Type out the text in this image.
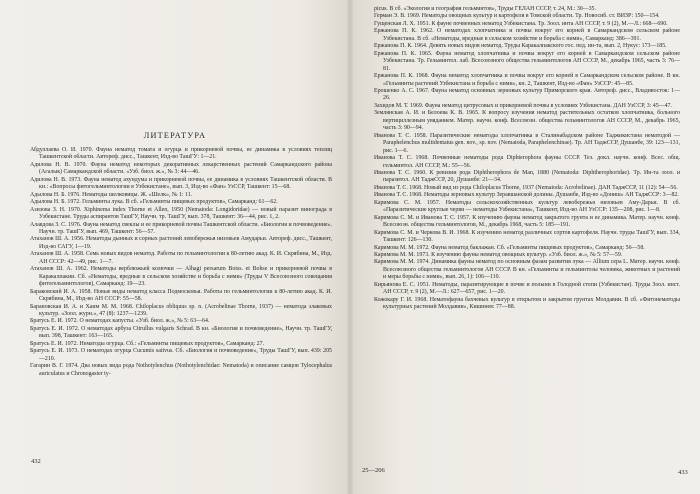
ЛИТЕРАТУРА

Абдуллаева О. И. 1970. Фауна нематод томата и огурца и прикорневой почвы, ее динамика в условиях теплиц Ташкентской области. Автореф. дисс., Ташкент, Изд-во ТашГУ: 1—21.

Адилова Н. В. 1970. Фауна нематод некоторых декоративных лекарственных растений Самаркандского района (Агалык) Самаркандской области. «Узб. биол. ж.», № 3: 44—46.

Адилова Н. В. 1973. Фауна нематод ахундума и прикорневой почвы, ее динамика в условиях Ташкентской области. В кн.: «Вопросы фитогельминтологии в Узбекистане», вып. 3, Изд-во «Фан» УзССР, Ташкент: 15—68.

Адылова Н. Б. 1976. Нематоды шелковицы. Ж. «Шелк», № 1: 11.

Адылова Н. Б. 1972. Гельминты лука. В сб. «Гельминты пищевых продуктов», Самарканд: 61—62.

Азизова З. Н. 1970. Xiphinema index Thorne et Allen, 1950 (Nematoda: Longidoridae) — новый паразит виноградa в Узбекистане. Труды аспирантов ТашГУ, Научн. тр. ТашГУ, вып. 378, Ташкент: 36—44, рис. 1, 2.

Алавдова З. С. 1976. Фауна нематод свеклы и ее прикорневой почвы Ташкентской области. «Биология и почвоведение». Научн. тр. ТашГУ, вып. 469, Ташкент: 56—57.

Атаханов Ш. А. 1956. Нематоды дынных и сорных растений левобережья низовьев Амударьи. Автореф. дисс., Ташкент, Изд-во САГУ, 1—19.

Атаханов Ш. А. 1958. Семь новых видов нематод. Работы по гельминтологии к 80-летию акад. К. И. Скрябина, М., Изд. АН СССР: 42—49, рис. 1—7.

Атаханов Ш. А. 1962. Нематоды верблюжьей колючки — Alhagi persarum Boiss. et Bohse и прикорневой почвы в Каракалпакии. Сб. «Нематоды, вредные в сельском хозяйстве и борьба с ними» (Труды V Всесоюзного совещания фитогельминтологов), Самарканд: 19—23.

Бараковский И. А. 1958. Новые виды нематод класса Подмосковья. Работы по гельминтологии к 80-летию акад. К. И. Скрябина, М., Изд-во АН СССР: 55—58.

Барановская И. А. и Хаим М. М. 1968. Chiloplacus obliquus sp. n. (Acrobelinae Thorne, 1937) — нематода злаковых культур. «Зоол. журн.», 47 (8): 1237—1239.

Братусь Е. И. 1972. О нематодах капусты. «Узб. биол. ж.», № 5: 63—64.

Братусь Е. И. 1972. О нематодах арбуза Citrullus vulgaris Schrad. В кн. «Биология и почвоведение», Научн. тр. ТашГУ, вып. 398, Ташкент: 163—165.

Братусь Е. И. 1972. Нематоды огурца. Сб.: «Гельминты пищевых продуктов», Самарканд: 27.

Братусь Е. И. 1973. О нематодах огурца Cucumis sativus. Сб. «Биология и почвоведение», Труды ТашГУ, вып. 439: 205—210.

Гагарин В. Г. 1974. Два новых вида рода Nothotylenchus (Nothotylenchidae: Nematoda) и описание самцов Tylocephalus auriculatus и Chronogaster ty-

432

picus. В сб. «Экология и география гельминтов», Труды ГЕЛАН СССР, т. 24, М.: 30—35.

Герман Э. В. 1969. Нематоды овощных культур и картофеля в Томской области. Тр. Новосиб. ст. ВИЗР: 150—154.

Гущенская Л. Х. 1951. К фауне почвенных нематод Узбекистана. Тр. Зоол. инта АН СССР, т. 9 (2), М.—Л.: 668—690.

Ержанова П. К. 1962. О нематодах хлопчатника и почвы вокруг его корней в Самаркандском сельском районе Узбекистана. В сб. «Нематоды, вредные в сельском хозяйстве и борьба с ними», Самарканд: 386—391.

Ержанова П. К. 1964. Девять новых видов нематод. Труды Каракалпакского гос. пед. ин-та, вып. 2, Нукус: 173—185.

Ержанова П. К. 1965. Фауна нематод хлопчатника и почвы вокруг его корней в Самаркандском сельском районе Узбекистана. Тр. Гельминтол. лаб. Всесоюзного общества гельминтологов АН СССР, М., декабрь 1965, часть 3: 76—81.

Ержанова П. К. 1968. Фауна нематод хлопчатника и почвы вокруг его корней в Самаркандском сельском районе. В кн. «Гельминты растений Узбекистана и борьба с ними», кн. 2, Ташкент, Изд-во «Фан» УзССР: 45—85.

Ерошенко А. С. 1967. Фауна нематод основных зерновых культур Приморского края. Автореф. дисс., Владивосток: 1—26.

Захидов М. Т. 1969. Фауна нематод цитрусовых и прикорневой почвы в условиях Узбекистана. ДАН УзССР, 3: 45—47.

Землянская А. И. и Белоева К. В. 1965. К вопросу изучения нематод растительных остатков хлопчатника, больного вертициллезным увяданием. Матер. научн. конф. Всесоюзн. общества гельминтологов АН СССР, М., декабрь 1965, часть 3: 90—94.

Иванова Т. С. 1958. Паразитические нематоды хлопчатника в Сталинабадском районе Таджикистана нематодой — Paraphelenchus multidentatus gen. nov., sp. nov. (Nematoda, Paraphelenchinae). Тр. АН ТаджССР, Душанбе, 39: 123—131, рис. 1—6.

Иванова Т. С. 1968. Почвенные нематоды рода Diphterophora фауны СССР. Тез. докл. научн. конф. Всес. общ. гельминтол. АН СССР, М.: 55—56.

Иванова Т. С. 1960. К ревизии рода Diphtherophora de Man, 1880 (Nematoda: Diphtherophoridae). Тр. Ин-та зоол. и паразитол. АН ТаджССР, 20, Душанбе: 21—34.

Иванова Т. С. 1968. Новый вид из рода Chiloplacus Thorne, 1937 (Nematoda: Acrobelinae). ДАН ТаджССР, 11 (12): 54—56.

Иванова Т. С. 1968. Нематоды зерновых культур Зеравшанской долины. Душанбе, Изд-во «Дониш» АН ТаджССР: 3—82.

Каримова С. М. 1957. Нематоды сельскохозяйственных культур левобережья низовьев Аму-Дарьи. В сб. «Паразитические круглые черви — нематоды Узбекистана», Ташкент, Изд-во АН УзССР: 135—208, рис. 1—8.

Каримова С. М. и Иванова Т. С. 1957. К изучению фауны нематод закрытого грунта и ее динамика. Матер. научн. конф. Всесоюзн. общества гельминтологов, М., декабрь 1968, часть 5: 185—191.

Каримова С. М. и Черкова В. И. 1968. К изучению нематод различных сортов картофеля. Научн. труды ТашГУ, вып. 334, Ташкент: 126—130.

Каримова М. М. 1972. Фауна нематод баклажан. Сб. «Гельминты пищевых продуктов», Самарканд: 56—58.

Каримова М. М. 1973. К изучению фауны нематод овощных культур. «Узб. биол. ж.», № 5: 57—59.

Каримова М. М. 1974. Динамика фауны нематод по основным фазам развития лука — Allium cepa L. Матер. научн. конф. Всесоюзного общества гельминтологов АН СССР. В кн. «Гельминты и гельминтозы человека, животных и растений и меры борьбы с ними», вып. 26, 1): 106—110.

Кирьянова Е. С. 1951. Нематоды, паразитирующие в почве и полыни в Голодной степи (Узбекистан). Труды Зоол. инст. АН СССР, т. 9 (2), М.—Л.: 627—657, рис. 1—20.

Кожокару Г. И. 1968. Нематофауна бахчевых культур в открытом и закрытом грунтах Молдавии. В сб. «Фитонематоды культурных растений Молдавии», Кишинев: 77—88.

25—206	433
